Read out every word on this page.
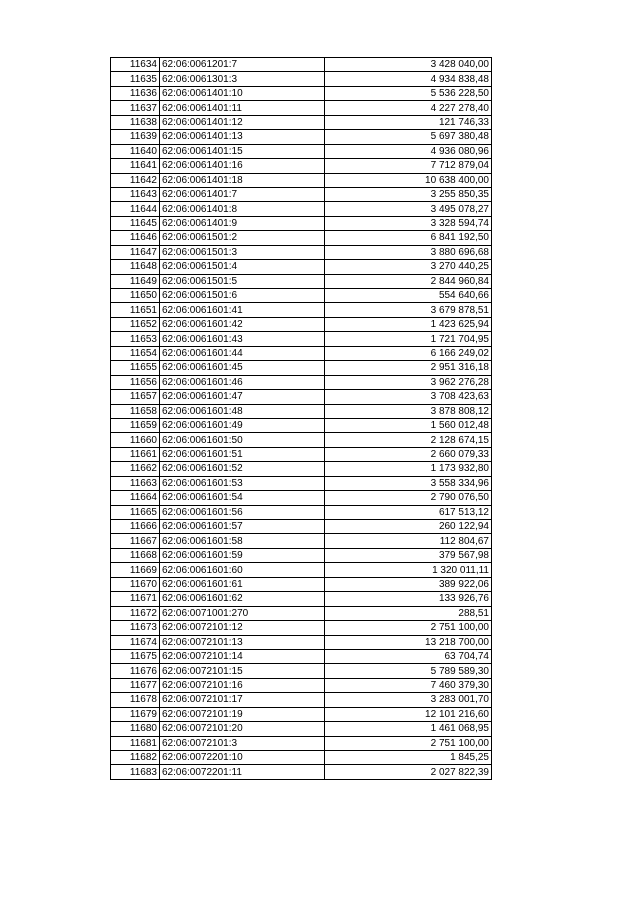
11634	62:06:0061201:7	3 428 040,00
11635	62:06:0061301:3	4 934 838,48
11636	62:06:0061401:10	5 536 228,50
11637	62:06:0061401:11	4 227 278,40
11638	62:06:0061401:12	121 746,33
11639	62:06:0061401:13	5 697 380,48
11640	62:06:0061401:15	4 936 080,96
11641	62:06:0061401:16	7 712 879,04
11642	62:06:0061401:18	10 638 400,00
11643	62:06:0061401:7	3 255 850,35
11644	62:06:0061401:8	3 495 078,27
11645	62:06:0061401:9	3 328 594,74
11646	62:06:0061501:2	6 841 192,50
11647	62:06:0061501:3	3 880 696,68
11648	62:06:0061501:4	3 270 440,25
11649	62:06:0061501:5	2 844 960,84
11650	62:06:0061501:6	554 640,66
11651	62:06:0061601:41	3 679 878,51
11652	62:06:0061601:42	1 423 625,94
11653	62:06:0061601:43	1 721 704,95
11654	62:06:0061601:44	6 166 249,02
11655	62:06:0061601:45	2 951 316,18
11656	62:06:0061601:46	3 962 276,28
11657	62:06:0061601:47	3 708 423,63
11658	62:06:0061601:48	3 878 808,12
11659	62:06:0061601:49	1 560 012,48
11660	62:06:0061601:50	2 128 674,15
11661	62:06:0061601:51	2 660 079,33
11662	62:06:0061601:52	1 173 932,80
11663	62:06:0061601:53	3 558 334,96
11664	62:06:0061601:54	2 790 076,50
11665	62:06:0061601:56	617 513,12
11666	62:06:0061601:57	260 122,94
11667	62:06:0061601:58	112 804,67
11668	62:06:0061601:59	379 567,98
11669	62:06:0061601:60	1 320 011,11
11670	62:06:0061601:61	389 922,06
11671	62:06:0061601:62	133 926,76
11672	62:06:0071001:270	288,51
11673	62:06:0072101:12	2 751 100,00
11674	62:06:0072101:13	13 218 700,00
11675	62:06:0072101:14	63 704,74
11676	62:06:0072101:15	5 789 589,30
11677	62:06:0072101:16	7 460 379,30
11678	62:06:0072101:17	3 283 001,70
11679	62:06:0072101:19	12 101 216,60
11680	62:06:0072101:20	1 461 068,95
11681	62:06:0072101:3	2 751 100,00
11682	62:06:0072201:10	1 845,25
11683	62:06:0072201:11	2 027 822,39
